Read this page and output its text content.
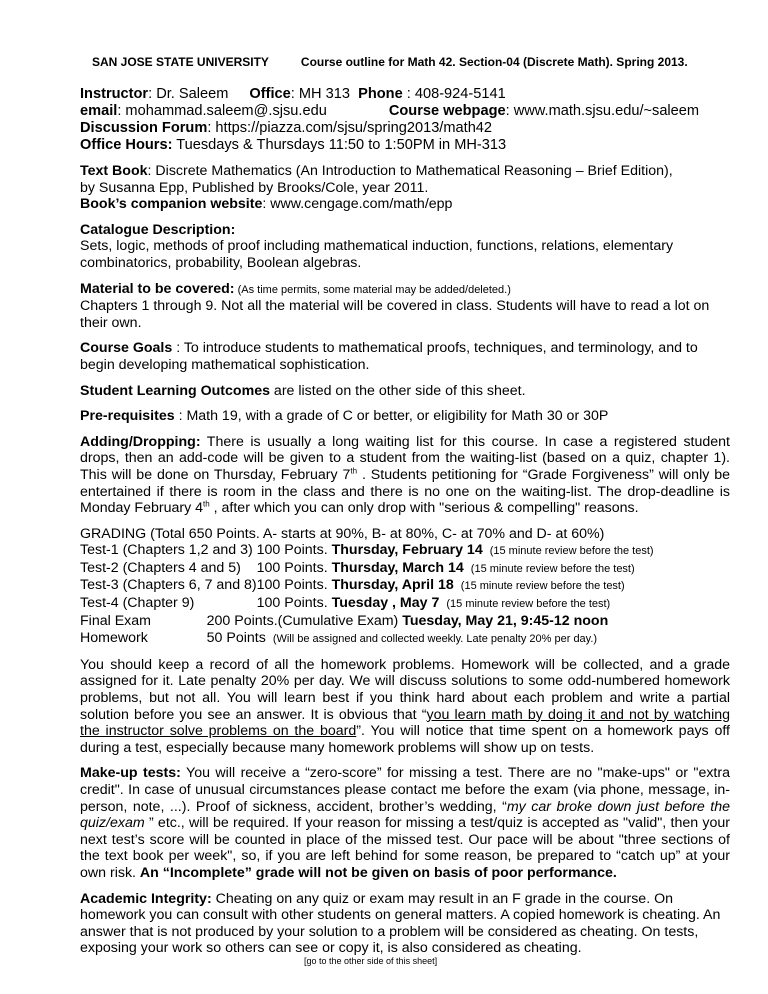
SAN JOSE STATE UNIVERSITY	Course outline for Math 42. Section-04 (Discrete Math). Spring 2013.
Instructor: Dr. Saleem Office: MH 313 Phone : 408-924-5141
email: mohammad.saleem@.sjsu.edu	Course webpage: www.math.sjsu.edu/~saleem
Discussion Forum: https://piazza.com/sjsu/spring2013/math42
Office Hours: Tuesdays & Thursdays 11:50 to 1:50PM in MH-313
Text Book: Discrete Mathematics (An Introduction to Mathematical Reasoning – Brief Edition),
by Susanna Epp, Published by Brooks/Cole, year 2011.
Book’s companion website: www.cengage.com/math/epp
Catalogue Description:
Sets, logic, methods of proof including mathematical induction, functions, relations, elementary
combinatorics, probability, Boolean algebras.
Material to be covered: (As time permits, some material may be added/deleted.)
Chapters 1 through 9. Not all the material will be covered in class. Students will have to read a lot on
their own.
Course Goals : To introduce students to mathematical proofs, techniques, and terminology, and to
begin developing mathematical sophistication.
Student Learning Outcomes are listed on the other side of this sheet.
Pre-requisites : Math 19, with a grade of C or better, or eligibility for Math 30 or 30P
Adding/Dropping: There is usually a long waiting list for this course. In case a registered student drops, then an add-code will be given to a student from the waiting-list (based on a quiz, chapter 1). This will be done on Thursday, February 7th . Students petitioning for “Grade Forgiveness” will only be entertained if there is room in the class and there is no one on the waiting-list. The drop-deadline is Monday February 4th , after which you can only drop with "serious & compelling" reasons.
GRADING (Total 650 Points. A- starts at 90%, B- at 80%, C- at 70% and D- at 60%)
Test-1 (Chapters 1,2 and 3)	100 Points. Thursday, February 14 (15 minute review before the test)
Test-2 (Chapters 4 and 5)	100 Points. Thursday, March 14 (15 minute review before the test)
Test-3 (Chapters 6, 7 and 8)	100 Points. Thursday, April 18 (15 minute review before the test)
Test-4 (Chapter 9)	100 Points. Tuesday , May 7 (15 minute review before the test)
Final Exam	200 Points.(Cumulative Exam) Tuesday, May 21, 9:45-12 noon
Homework	50 Points (Will be assigned and collected weekly. Late penalty 20% per day.)
You should keep a record of all the homework problems. Homework will be collected, and a grade assigned for it. Late penalty 20% per day. We will discuss solutions to some odd-numbered homework problems, but not all. You will learn best if you think hard about each problem and write a partial solution before you see an answer. It is obvious that “you learn math by doing it and not by watching the instructor solve problems on the board”. You will notice that time spent on a homework pays off during a test, especially because many homework problems will show up on tests.
Make-up tests: You will receive a “zero-score” for missing a test. There are no "make-ups" or "extra credit". In case of unusual circumstances please contact me before the exam (via phone, message, in-person, note, ...). Proof of sickness, accident, brother’s wedding, “my car broke down just before the quiz/exam ” etc., will be required. If your reason for missing a test/quiz is accepted as "valid", then your next test’s score will be counted in place of the missed test. Our pace will be about "three sections of the text book per week", so, if you are left behind for some reason, be prepared to “catch up” at your own risk. An “Incomplete” grade will not be given on basis of poor performance.
Academic Integrity: Cheating on any quiz or exam may result in an F grade in the course. On
homework you can consult with other students on general matters. A copied homework is cheating. An
answer that is not produced by your solution to a problem will be considered as cheating. On tests,
exposing your work so others can see or copy it, is also considered as cheating.
[go to the other side of this sheet]
